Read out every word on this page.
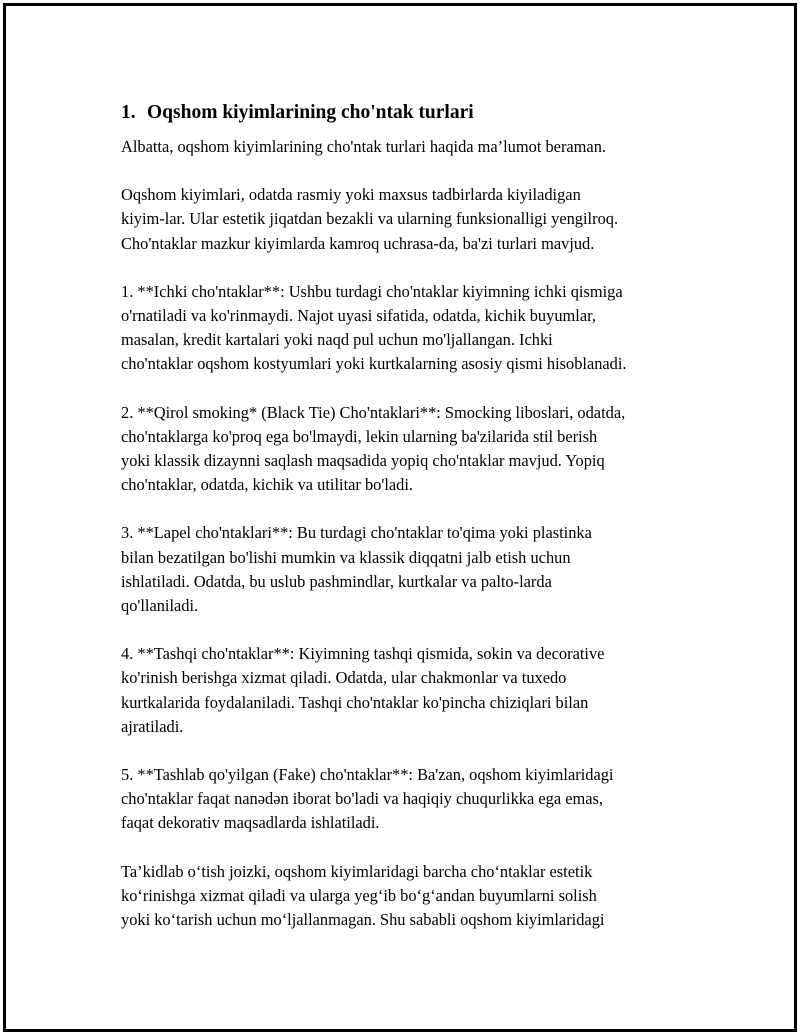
1. Oqshom kiyimlarining cho'ntak turlari

Albatta, oqshom kiyimlarining cho'ntak turlari haqida ma’lumot beraman.

Oqshom kiyimlari, odatda rasmiy yoki maxsus tadbirlarda kiyiladigan
kiyim-lar. Ular estetik jiqatdan bezakli va ularning funksionalligi yengilroq.
Cho'ntaklar mazkur kiyimlarda kamroq uchrasa-da, ba'zi turlari mavjud.

1. **Ichki cho'ntaklar**: Ushbu turdagi cho'ntaklar kiyimning ichki qismiga
o'rnatiladi va ko'rinmaydi. Najot uyasi sifatida, odatda, kichik buyumlar,
masalan, kredit kartalari yoki naqd pul uchun mo'ljallangan. Ichki
cho'ntaklar oqshom kostyumlari yoki kurtkalarning asosiy qismi hisoblanadi.

2. **Qirol smoking* (Black Tie) Cho'ntaklari**: Smocking liboslari, odatda,
cho'ntaklarga ko'proq ega bo'lmaydi, lekin ularning ba'zilarida stil berish
yoki klassik dizaynni saqlash maqsadida yopiq cho'ntaklar mavjud. Yopiq
cho'ntaklar, odatda, kichik va utilitar bo'ladi.

3. **Lapel cho'ntaklari**: Bu turdagi cho'ntaklar to'qima yoki plastinka
bilan bezatilgan bo'lishi mumkin va klassik diqqatni jalb etish uchun
ishlatiladi. Odatda, bu uslub pashmindlar, kurtkalar va palto-larda
qo'llaniladi.

4. **Tashqi cho'ntaklar**: Kiyimning tashqi qismida, sokin va decorative
ko'rinish berishga xizmat qiladi. Odatda, ular chakmonlar va tuxedo
kurtkalarida foydalaniladi. Tashqi cho'ntaklar ko'pincha chiziqlari bilan
ajratiladi.

5. **Tashlab qo'yilgan (Fake) cho'ntaklar**: Ba'zan, oqshom kiyimlaridagi
cho'ntaklar faqat nanədən iborat bo'ladi va haqiqiy chuqurlikka ega emas,
faqat dekorativ maqsadlarda ishlatiladi.

Ta’kidlab o‘tish joizki, oqshom kiyimlaridagi barcha cho‘ntaklar estetik
ko‘rinishga xizmat qiladi va ularga yeg‘ib bo‘g‘andan buyumlarni solish
yoki ko‘tarish uchun mo‘ljallanmagan. Shu sababli oqshom kiyimlaridagi
